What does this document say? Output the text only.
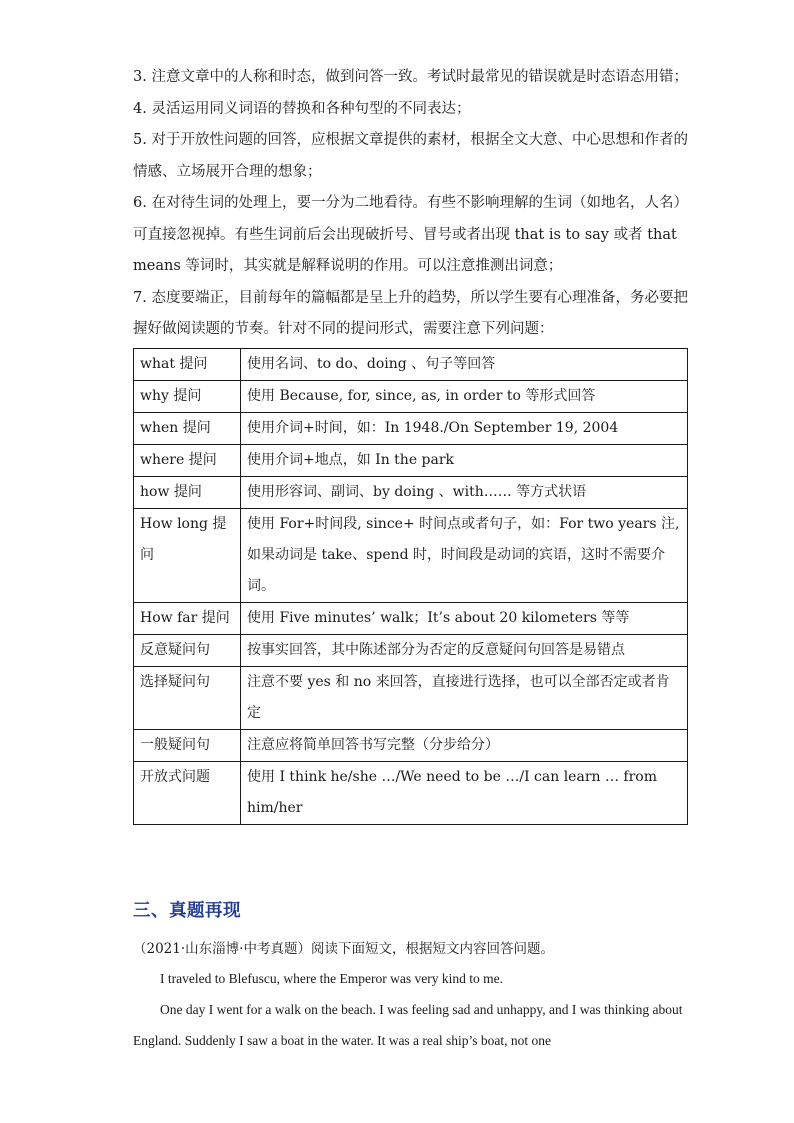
3. 注意文章中的人称和时态，做到问答一致。考试时最常见的错误就是时态语态用错；

4. 灵活运用同义词语的替换和各种句型的不同表达；

5. 对于开放性问题的回答，应根据文章提供的素材，根据全文大意、中心思想和作者的情感、立场展开合理的想象；

6. 在对待生词的处理上，要一分为二地看待。有些不影响理解的生词（如地名，人名）可直接忽视掉。有些生词前后会出现破折号、冒号或者出现 that is to say 或者 that means 等词时，其实就是解释说明的作用。可以注意推测出词意；

7. 态度要端正，目前每年的篇幅都是呈上升的趋势，所以学生要有心理准备，务必要把握好做阅读题的节奏。针对不同的提问形式，需要注意下列问题：

what 提问	使用名词、to do、doing 、句子等回答
why 提问	使用 Because, for, since, as, in order to 等形式回答
when 提问	使用介词+时间，如：In 1948./On September 19, 2004
where 提问	使用介词+地点，如 In the park
how 提问	使用形容词、副词、by doing 、with…… 等方式状语
How long 提问	使用 For+时间段, since+ 时间点或者句子，如：For two years 注, 如果动词是 take、spend 时，时间段是动词的宾语，这时不需要介词。
How far 提问	使用 Five minutes’ walk；It’s about 20 kilometers 等等
反意疑问句	按事实回答，其中陈述部分为否定的反意疑问句回答是易错点
选择疑问句	注意不要 yes 和 no 来回答，直接进行选择，也可以全部否定或者肯定
一般疑问句	注意应将简单回答书写完整（分步给分）
开放式问题	使用 I think he/she …/We need to be …/I can learn … from him/her
三、真题再现
（2021·山东淄博·中考真题）阅读下面短文，根据短文内容回答问题。

I traveled to Blefuscu, where the Emperor was very kind to me.

One day I went for a walk on the beach. I was feeling sad and unhappy, and I was thinking about England. Suddenly I saw a boat in the water. It was a real ship’s boat, not one
